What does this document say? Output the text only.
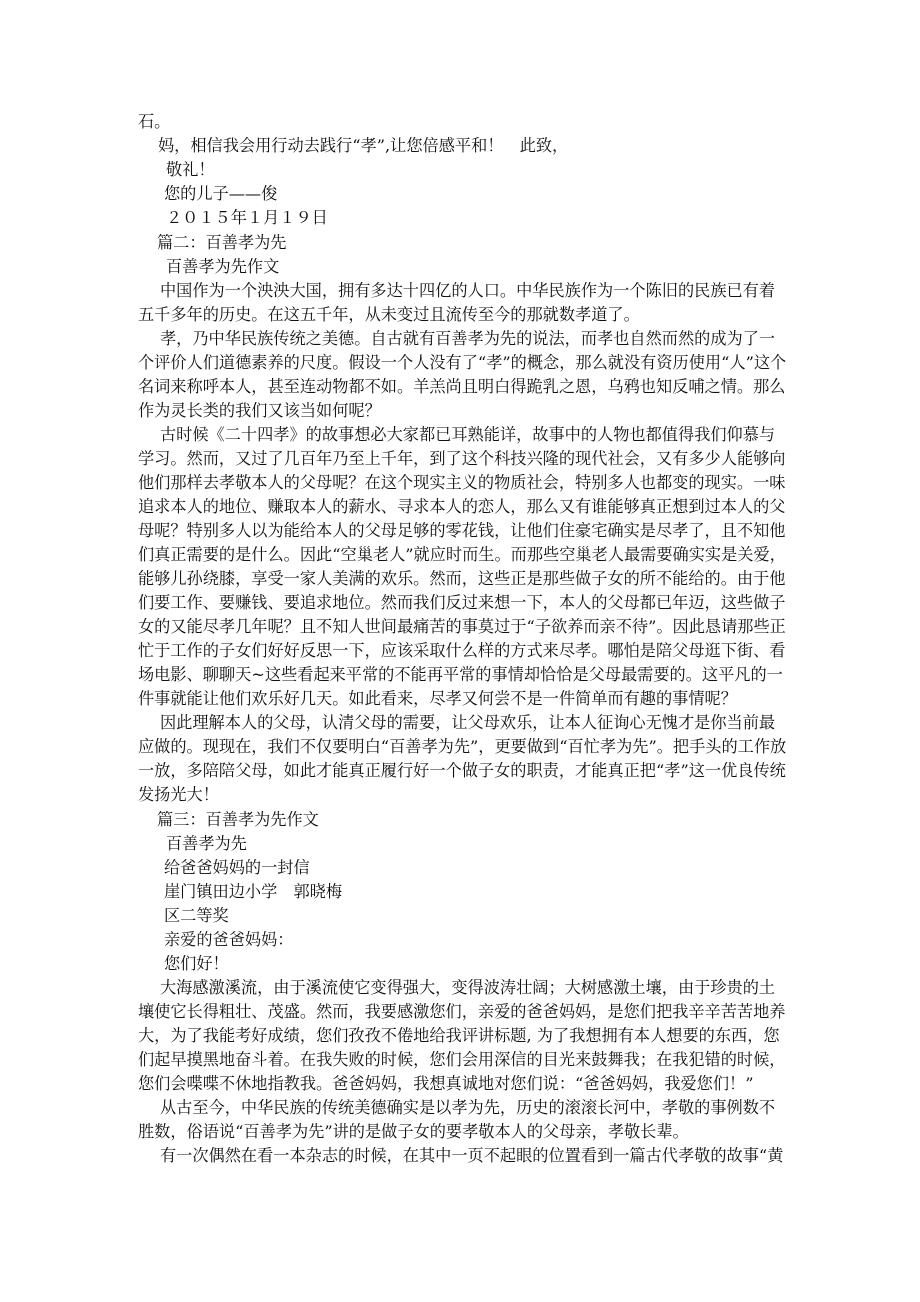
石。
妈，相信我会用行动去践行“孝”,让您倍感平和！　此致，
敬礼！
您的儿子——俊
２０１５年１月１９日
篇二：百善孝为先
百善孝为先作文
中国作为一个泱泱大国，拥有多达十四亿的人口。中华民族作为一个陈旧的民族已有着
五千多年的历史。在这五千年，从未变过且流传至今的那就数孝道了。
孝，乃中华民族传统之美德。自古就有百善孝为先的说法，而孝也自然而然的成为了一
个评价人们道德素养的尺度。假设一个人没有了“孝”的概念，那么就没有资历使用“人”这个
名词来称呼本人，甚至连动物都不如。羊羔尚且明白得跪乳之恩，乌鸦也知反哺之情。那么
作为灵长类的我们又该当如何呢？
古时候《二十四孝》的故事想必大家都已耳熟能详，故事中的人物也都值得我们仰慕与
学习。然而，又过了几百年乃至上千年，到了这个科技兴隆的现代社会，又有多少人能够向
他们那样去孝敬本人的父母呢？在这个现实主义的物质社会，特别多人也都变的现实。一味
追求本人的地位、赚取本人的薪水、寻求本人的恋人，那么又有谁能够真正想到过本人的父
母呢？特别多人以为能给本人的父母足够的零花钱，让他们住豪宅确实是尽孝了，且不知他
们真正需要的是什么。因此“空巢老人”就应时而生。而那些空巢老人最需要确实实是关爱，
能够儿孙绕膝，享受一家人美满的欢乐。然而，这些正是那些做子女的所不能给的。由于他
们要工作、要赚钱、要追求地位。然而我们反过来想一下，本人的父母都已年迈，这些做子
女的又能尽孝几年呢？且不知人世间最痛苦的事莫过于“子欲养而亲不待”。因此恳请那些正
忙于工作的子女们好好反思一下，应该采取什么样的方式来尽孝。哪怕是陪父母逛下街、看
场电影、聊聊天~这些看起来平常的不能再平常的事情却恰恰是父母最需要的。这平凡的一
件事就能让他们欢乐好几天。如此看来，尽孝又何尝不是一件简单而有趣的事情呢？
因此理解本人的父母，认清父母的需要，让父母欢乐，让本人征询心无愧才是你当前最
应做的。现现在，我们不仅要明白“百善孝为先”，更要做到“百忙孝为先”。把手头的工作放
一放，多陪陪父母，如此才能真正履行好一个做子女的职责，才能真正把“孝”这一优良传统
发扬光大！
篇三：百善孝为先作文
百善孝为先
给爸爸妈妈的一封信
崖门镇田边小学　郭晓梅
区二等奖
亲爱的爸爸妈妈：
您们好！
大海感激溪流，由于溪流使它变得强大，变得波涛壮阔；大树感激土壤，由于珍贵的土
壤使它长得粗壮、茂盛。然而，我要感激您们，亲爱的爸爸妈妈，是您们把我辛辛苦苦地养
大，为了我能考好成绩，您们孜孜不倦地给我评讲标题, 为了我想拥有本人想要的东西，您
们起早摸黑地奋斗着。在我失败的时候，您们会用深信的目光来鼓舞我；在我犯错的时候，
您们会喋喋不休地指教我。爸爸妈妈，我想真诚地对您们说：“爸爸妈妈，我爱您们！”
从古至今，中华民族的传统美德确实是以孝为先，历史的滚滚长河中，孝敬的事例数不
胜数，俗语说“百善孝为先”讲的是做子女的要孝敬本人的父母亲，孝敬长辈。
有一次偶然在看一本杂志的时候，在其中一页不起眼的位置看到一篇古代孝敬的故事“黄
